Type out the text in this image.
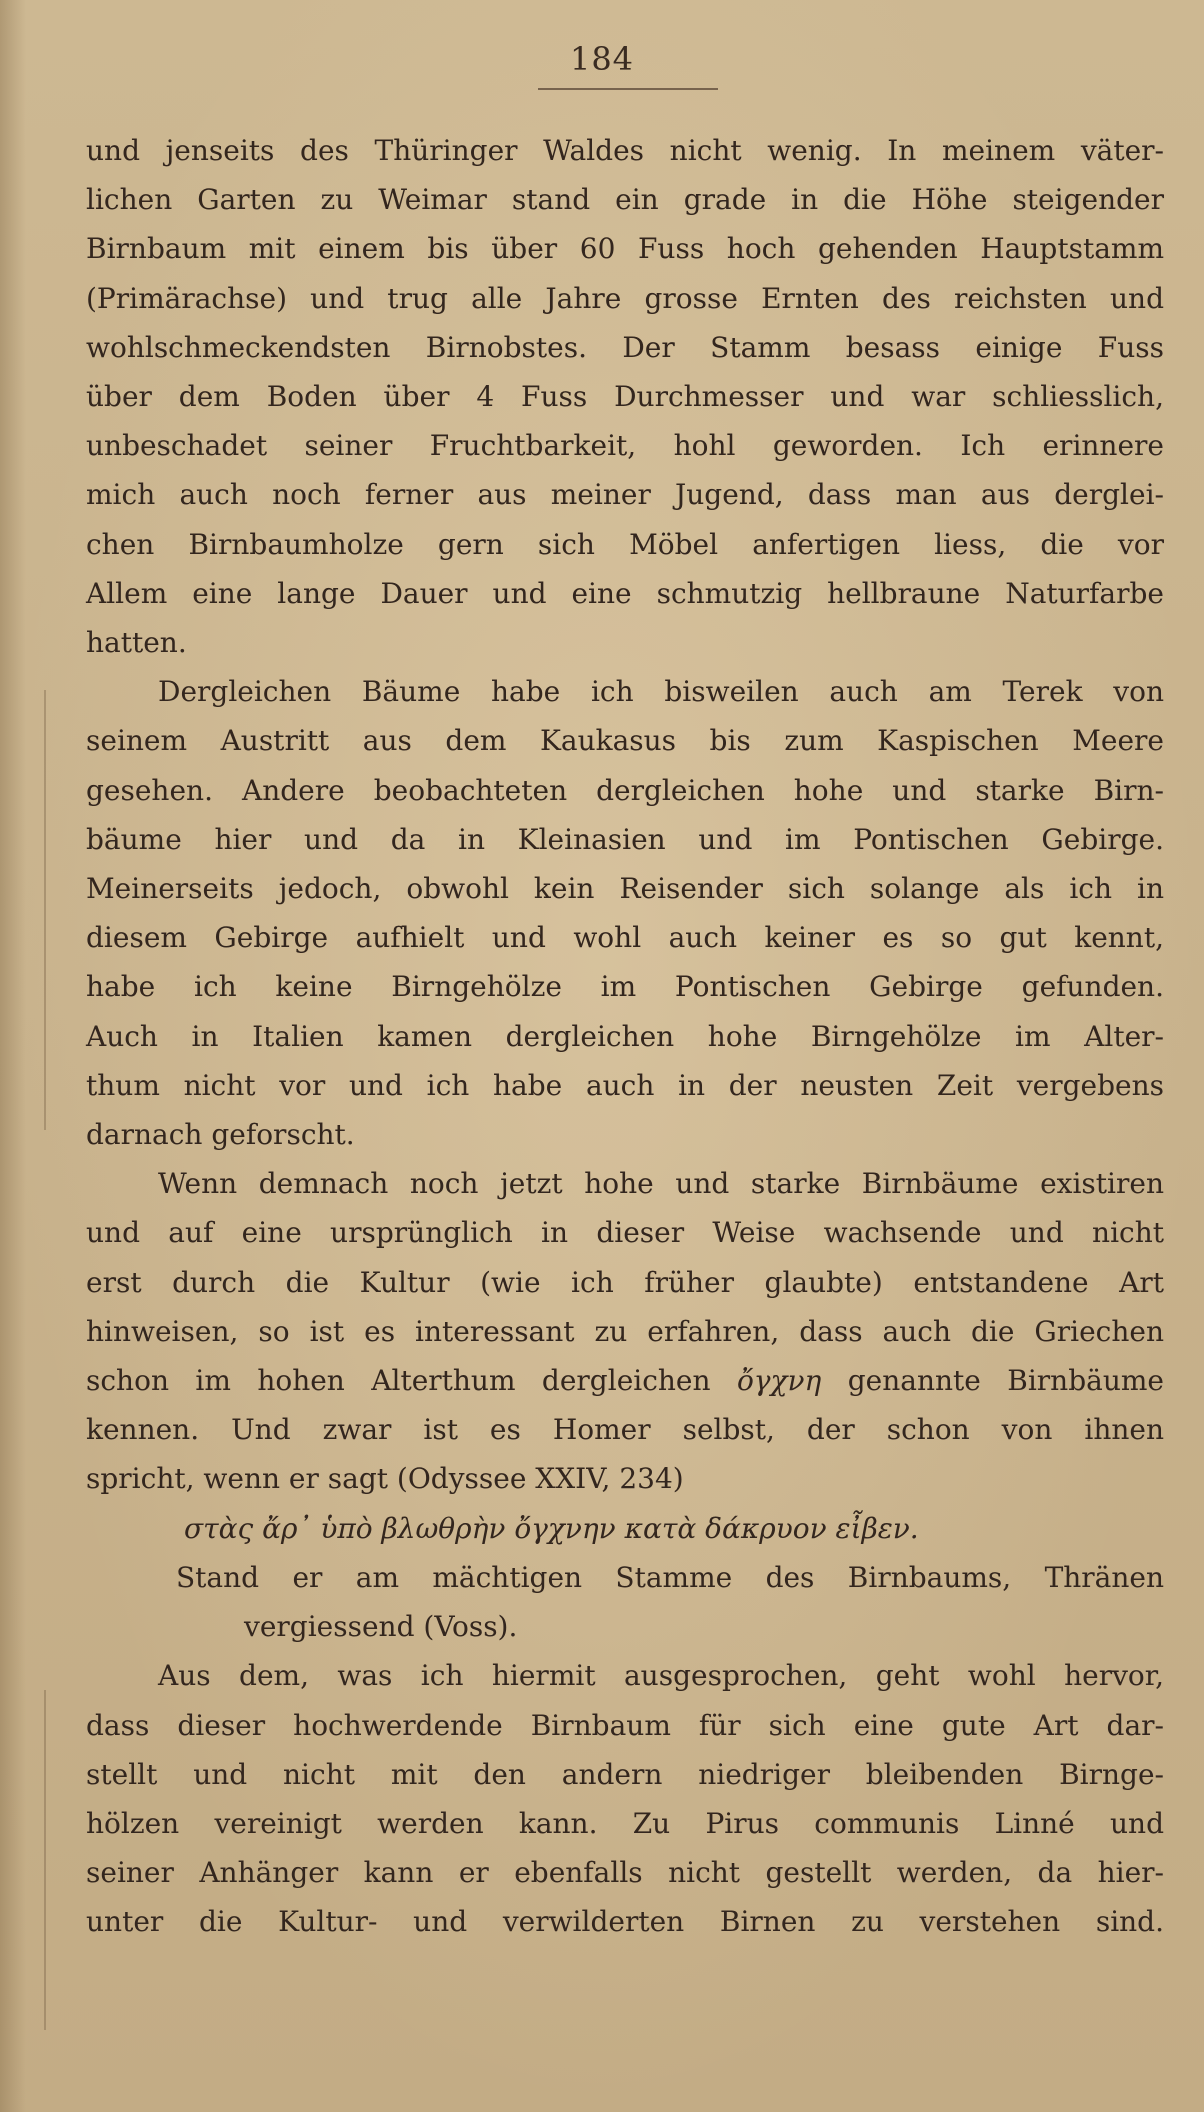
184

und jenseits des Thüringer Waldes nicht wenig. In meinem väter-
lichen Garten zu Weimar stand ein grade in die Höhe steigender
Birnbaum mit einem bis über 60 Fuss hoch gehenden Hauptstamm
(Primärachse) und trug alle Jahre grosse Ernten des reichsten und
wohlschmeckendsten Birnobstes. Der Stamm besass einige Fuss
über dem Boden über 4 Fuss Durchmesser und war schliesslich,
unbeschadet seiner Fruchtbarkeit, hohl geworden. Ich erinnere
mich auch noch ferner aus meiner Jugend, dass man aus derglei-
chen Birnbaumholze gern sich Möbel anfertigen liess, die vor
Allem eine lange Dauer und eine schmutzig hellbraune Naturfarbe
hatten.

Dergleichen Bäume habe ich bisweilen auch am Terek von
seinem Austritt aus dem Kaukasus bis zum Kaspischen Meere
gesehen. Andere beobachteten dergleichen hohe und starke Birn-
bäume hier und da in Kleinasien und im Pontischen Gebirge.
Meinerseits jedoch, obwohl kein Reisender sich solange als ich in
diesem Gebirge aufhielt und wohl auch keiner es so gut kennt,
habe ich keine Birngehölze im Pontischen Gebirge gefunden.
Auch in Italien kamen dergleichen hohe Birngehölze im Alter-
thum nicht vor und ich habe auch in der neusten Zeit vergebens
darnach geforscht.

Wenn demnach noch jetzt hohe und starke Birnbäume existiren
und auf eine ursprünglich in dieser Weise wachsende und nicht
erst durch die Kultur (wie ich früher glaubte) entstandene Art
hinweisen, so ist es interessant zu erfahren, dass auch die Griechen
schon im hohen Alterthum dergleichen ὄγχνη genannte Birnbäume
kennen. Und zwar ist es Homer selbst, der schon von ihnen
spricht, wenn er sagt (Odyssee XXIV, 234)
στὰς ἄρ᾽ ὑπὸ βλωθρὴν ὄγχνην κατὰ δάκρυον εἶβεν.
Stand er am mächtigen Stamme des Birnbaums, Thränen
vergiessend (Voss).

Aus dem, was ich hiermit ausgesprochen, geht wohl hervor,
dass dieser hochwerdende Birnbaum für sich eine gute Art dar-
stellt und nicht mit den andern niedriger bleibenden Birnge-
hölzen vereinigt werden kann. Zu Pirus communis Linné und
seiner Anhänger kann er ebenfalls nicht gestellt werden, da hier-
unter die Kultur- und verwilderten Birnen zu verstehen sind.
